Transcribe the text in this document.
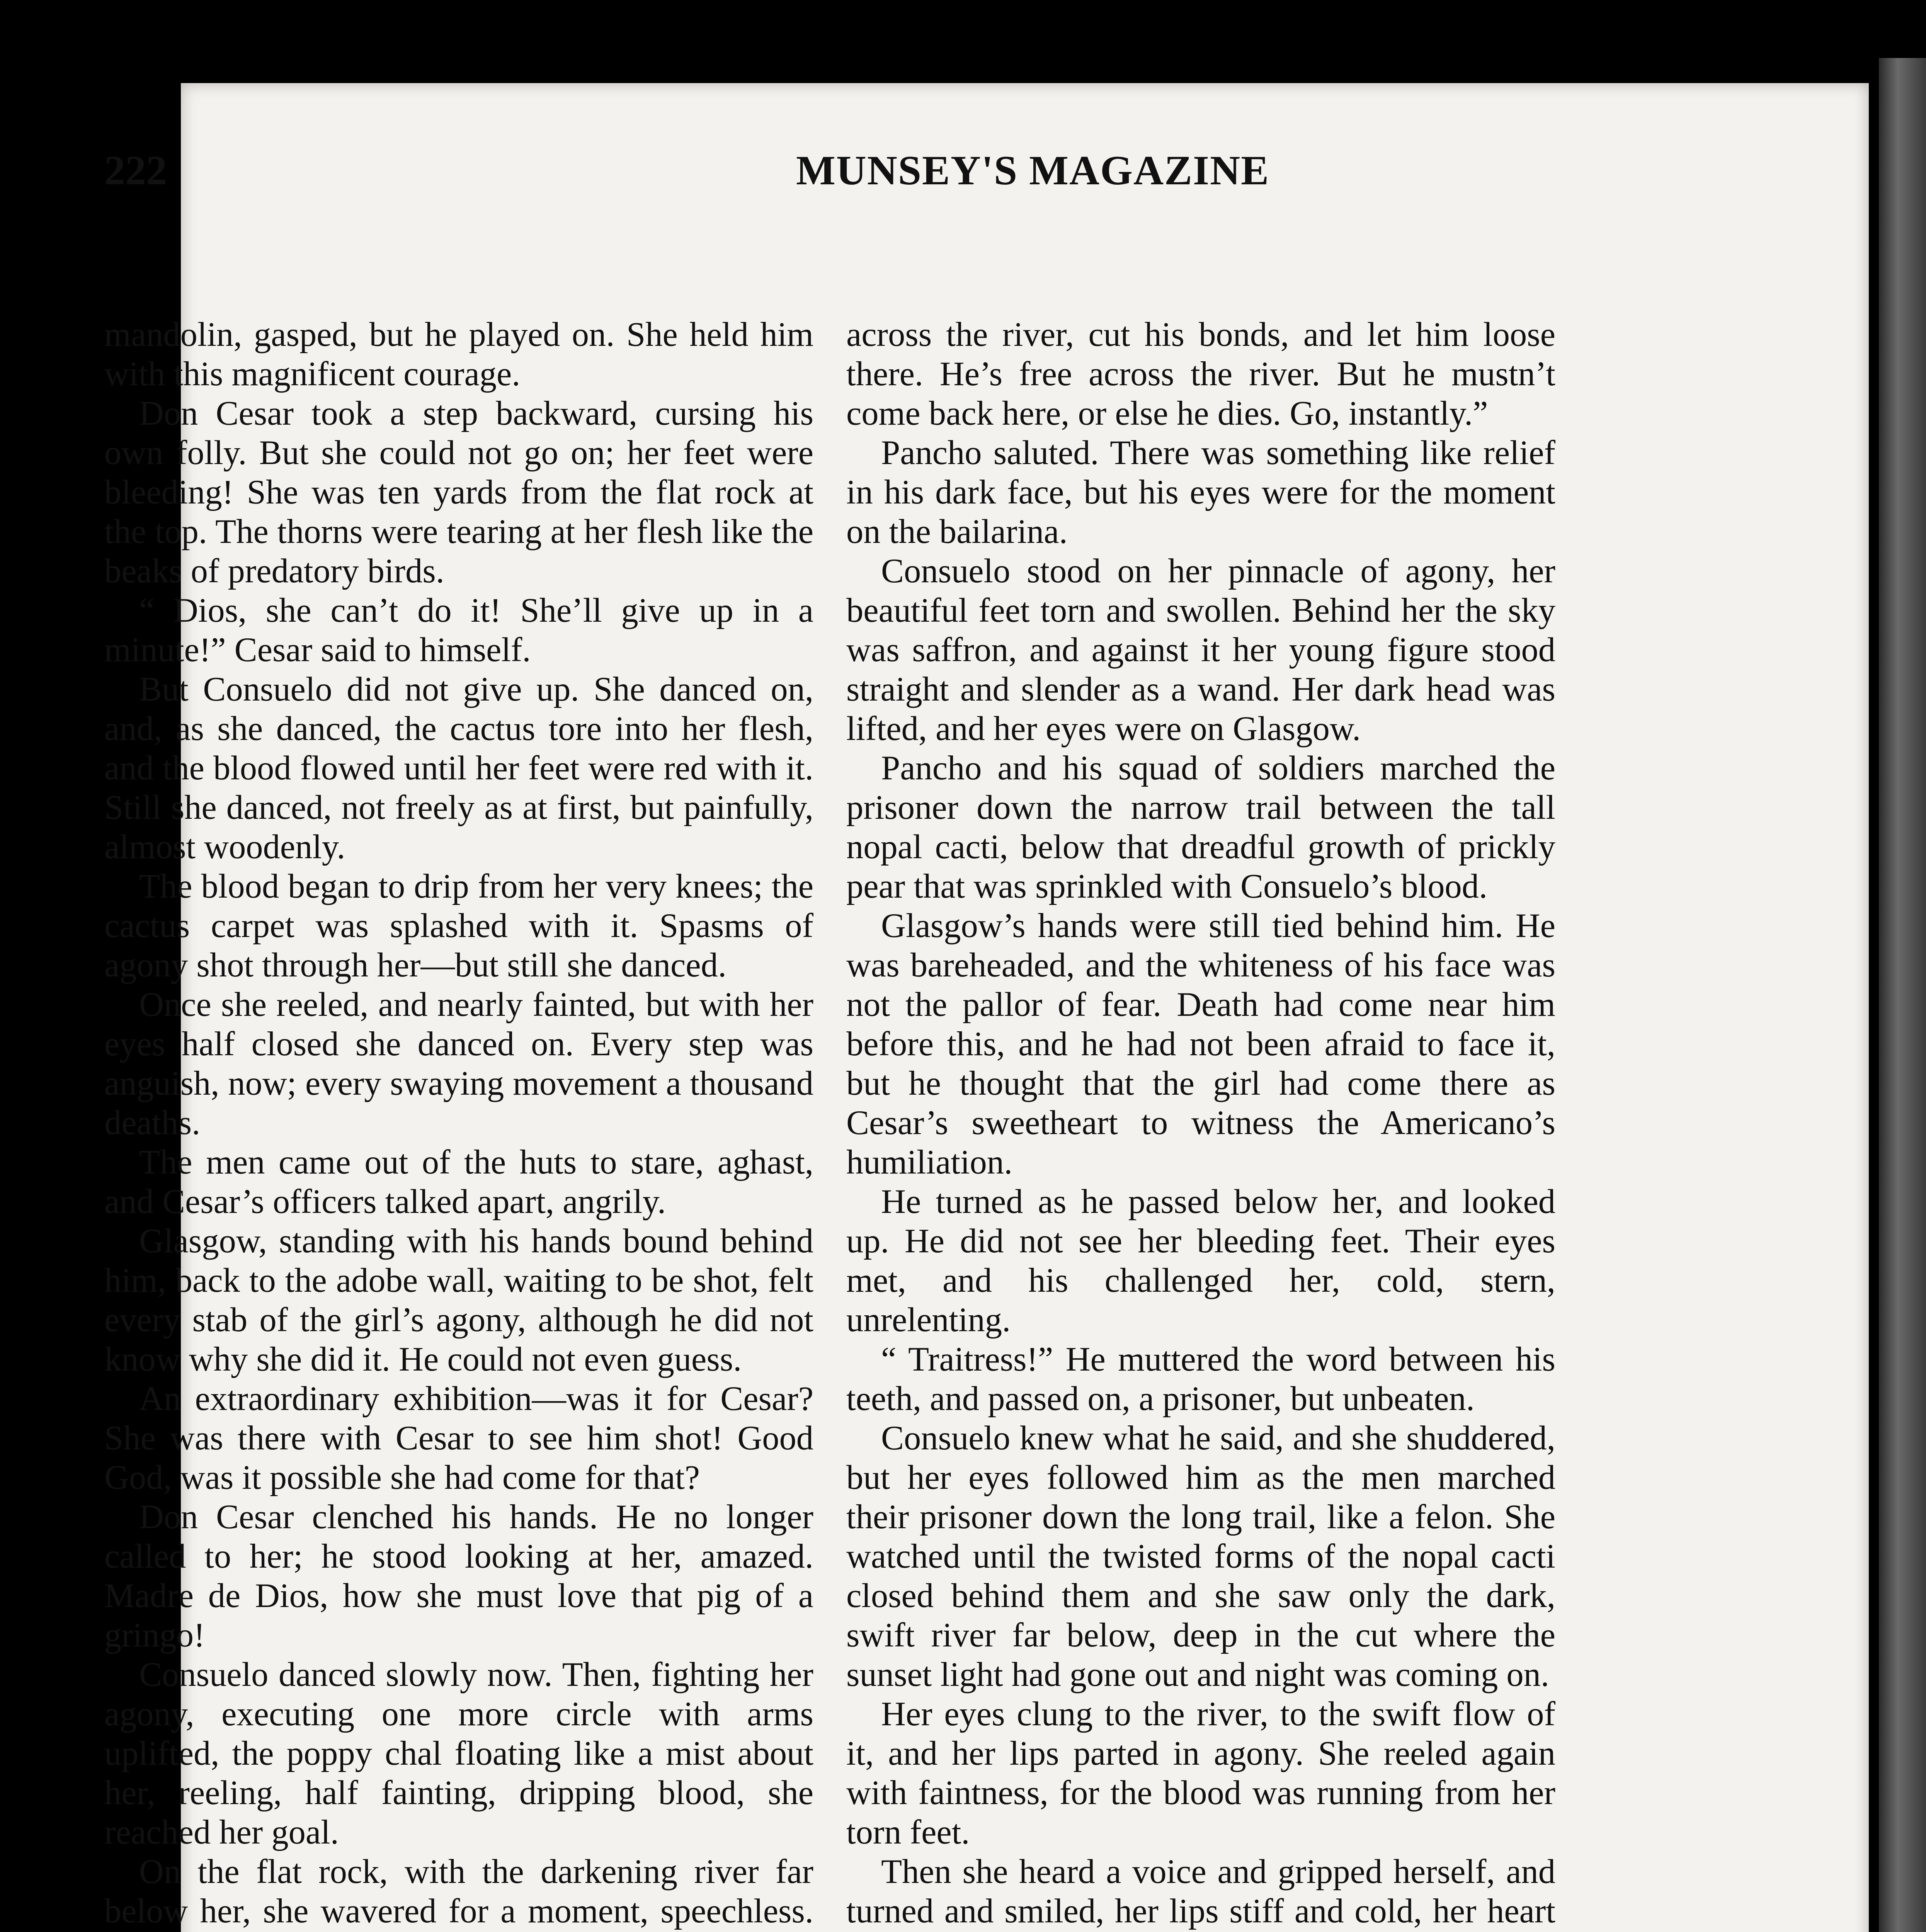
222	MUNSEY'S MAGAZINE

mandolin, gasped, but he played on. She held him with this magnificent courage.

Don Cesar took a step backward, cursing his own folly. But she could not go on; her feet were bleeding! She was ten yards from the flat rock at the top. The thorns were tearing at her flesh like the beaks of predatory birds.

“ Dios, she can’t do it! She’ll give up in a minute!” Cesar said to himself.

But Consuelo did not give up. She danced on, and, as she danced, the cactus tore into her flesh, and the blood flowed until her feet were red with it. Still she danced, not freely as at first, but painfully, almost woodenly.

The blood began to drip from her very knees; the cactus carpet was splashed with it. Spasms of agony shot through her—but still she danced.

Once she reeled, and nearly fainted, but with her eyes half closed she danced on. Every step was anguish, now; every swaying movement a thousand deaths.

The men came out of the huts to stare, aghast, and Cesar’s officers talked apart, angrily.

Glasgow, standing with his hands bound behind him, back to the adobe wall, waiting to be shot, felt every stab of the girl’s agony, although he did not know why she did it. He could not even guess.

An extraordinary exhibition—was it for Cesar? She was there with Cesar to see him shot! Good God, was it possible she had come for that?

Don Cesar clenched his hands. He no longer called to her; he stood looking at her, amazed. Madre de Dios, how she must love that pig of a gringo!

Consuelo danced slowly now. Then, fighting her agony, executing one more circle with arms uplifted, the poppy chal floating like a mist about her, reeling, half fainting, dripping blood, she reached her goal.

On the flat rock, with the darkening river far below her, she wavered for a moment, speechless.

across the river, cut his bonds, and let him loose there. He’s free across the river. But he mustn’t come back here, or else he dies. Go, instantly.”

Pancho saluted. There was something like relief in his dark face, but his eyes were for the moment on the bailarina.

Consuelo stood on her pinnacle of agony, her beautiful feet torn and swollen. Behind her the sky was saffron, and against it her young figure stood straight and slender as a wand. Her dark head was lifted, and her eyes were on Glasgow.

Pancho and his squad of soldiers marched the prisoner down the narrow trail between the tall nopal cacti, below that dreadful growth of prickly pear that was sprinkled with Consuelo’s blood.

Glasgow’s hands were still tied behind him. He was bareheaded, and the whiteness of his face was not the pallor of fear. Death had come near him before this, and he had not been afraid to face it, but he thought that the girl had come there as Cesar’s sweetheart to witness the Americano’s humiliation.

He turned as he passed below her, and looked up. He did not see her bleeding feet. Their eyes met, and his challenged her, cold, stern, unrelenting.

“ Traitress!” He muttered the word between his teeth, and passed on, a prisoner, but unbeaten.

Consuelo knew what he said, and she shuddered, but her eyes followed him as the men marched their prisoner down the long trail, like a felon. She watched until the twisted forms of the nopal cacti closed behind them and she saw only the dark, swift river far below, deep in the cut where the sunset light had gone out and night was coming on.

Her eyes clung to the river, to the swift flow of it, and her lips parted in agony. She reeled again with faintness, for the blood was running from her torn feet.

Then she heard a voice and gripped herself, and turned and smiled, her lips stiff and cold, her heart
